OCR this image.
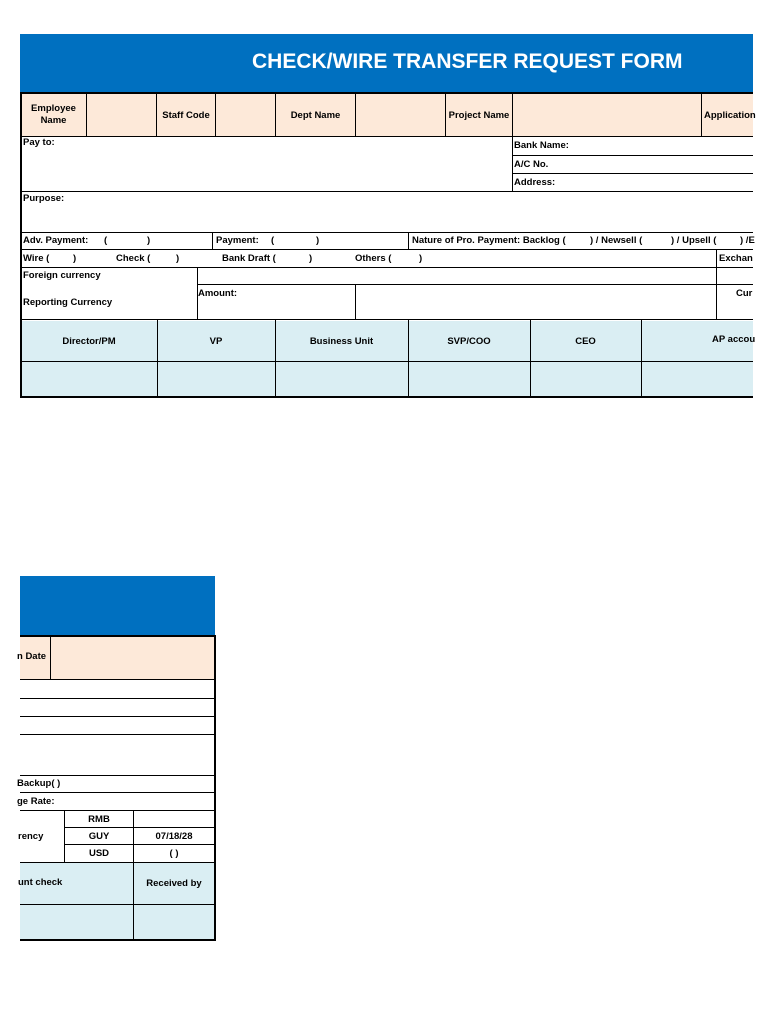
CHECK/WIRE TRANSFER REQUEST FORM
Employee Name	Staff Code	Dept Name	Project Name	Application
Pay to:	Bank Name:
A/C No.
Address:
Purpose:
Adv. Payment: (	)	Payment: (	)	Nature of Pro. Payment: Backlog (	) / Newsell (	) / Upsell ( ) /E
Wire ( )	Check (	)	Bank Draft (	)	Others (	)	Exchan
Foreign currency
Reporting Currency
Amount:	Cur
Director/PM	VP	Business Unit	SVP/COO	CEO	AP accou
n Date
Backup( )
ge Rate:
rency
RMB
GUY	07/18/28
USD	( )
unt check	Received by
